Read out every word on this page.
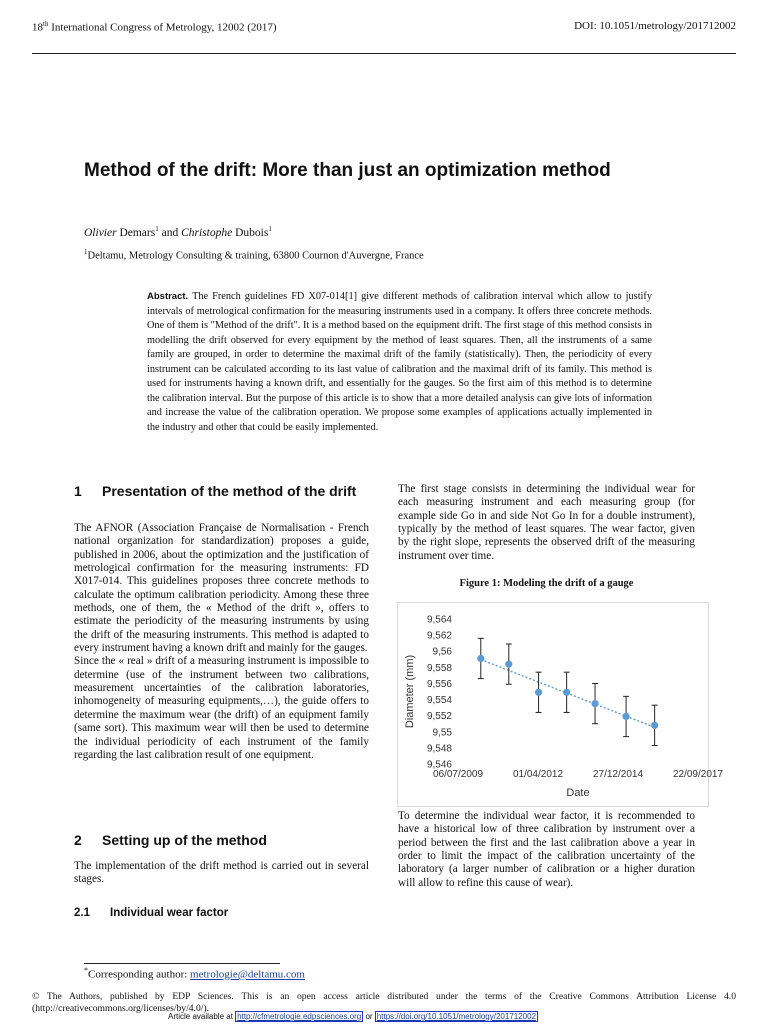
18th International Congress of Metrology, 12002 (2017)	DOI: 10.1051/metrology/201712002
Method of the drift: More than just an optimization method
Olivier Demars$^1$ and Christophe Dubois$^1$
$^1$Deltamu, Metrology Consulting & training, 63800 Cournon d'Auvergne, France
Abstract. The French guidelines FD X07-014[1] give different methods of calibration interval which allow to justify intervals of metrological confirmation for the measuring instruments used in a company. It offers three concrete methods. One of them is "Method of the drift". It is a method based on the equipment drift. The first stage of this method consists in modelling the drift observed for every equipment by the method of least squares. Then, all the instruments of a same family are grouped, in order to determine the maximal drift of the family (statistically). Then, the periodicity of every instrument can be calculated according to its last value of calibration and the maximal drift of its family. This method is used for instruments having a known drift, and essentially for the gauges. So the first aim of this method is to determine the calibration interval. But the purpose of this article is to show that a more detailed analysis can give lots of information and increase the value of the calibration operation. We propose some examples of applications actually implemented in the industry and other that could be easily implemented.
1	Presentation of the method of the drift
The AFNOR (Association Française de Normalisation - French national organization for standardization) proposes a guide, published in 2006, about the optimization and the justification of metrological confirmation for the measuring instruments: FD X017-014. This guidelines proposes three concrete methods to calculate the optimum calibration periodicity. Among these three methods, one of them, the « Method of the drift », offers to estimate the periodicity of the measuring instruments by using the drift of the measuring instruments. This method is adapted to every instrument having a known drift and mainly for the gauges.
Since the « real » drift of a measuring instrument is impossible to determine (use of the instrument between two calibrations, measurement uncertainties of the calibration laboratories, inhomogeneity of measuring equipments,…), the guide offers to determine the maximum wear (the drift) of an equipment family (same sort). This maximum wear will then be used to determine the individual periodicity of each instrument of the family regarding the last calibration result of one equipment.
2 Setting up of the method
The implementation of the drift method is carried out in several stages.
2.1 Individual wear factor
The first stage consists in determining the individual wear for each measuring instrument and each measuring group (for example side Go in and side Not Go In for a double instrument), typically by the method of least squares. The wear factor, given by the right slope, represents the observed drift of the measuring instrument over time.
Figure 1: Modeling the drift of a gauge
9,564
9,562
9,56
9,558
9,556
9,554
9,552
9,55
9,548
9,546
06/07/2009	01/04/2012	27/12/2014	22/09/2017
Date
Diameter (mm)
To determine the individual wear factor, it is recommended to have a historical low of three calibration by instrument over a period between the first and the last calibration above a year in order to limit the impact of the calibration uncertainty of the laboratory (a larger number of calibration or a higher duration will allow to refine this cause of wear).
*Corresponding author: metrologie@deltamu.com
© The Authors, published by EDP Sciences. This is an open access article distributed under the terms of the Creative Commons Attribution License 4.0 (http://creativecommons.org/licenses/by/4.0/).
Article available at http://cfmetrologie.edpsciences.org or https://doi.org/10.1051/metrology/201712002
